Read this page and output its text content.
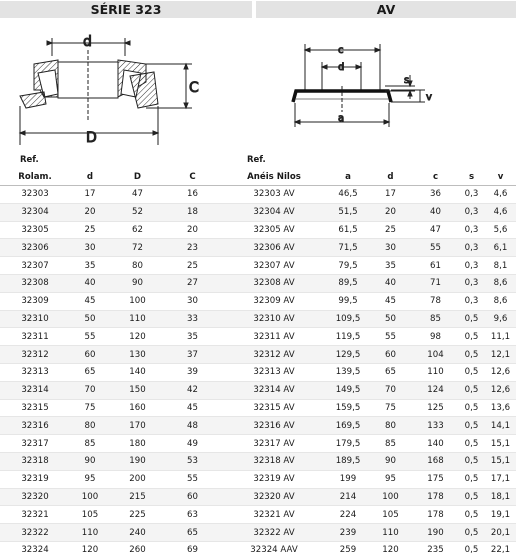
SÉRIE 323	AV
d
D
C
c
d
s
v
a
Ref.	Ref.
Rolam.	d	D	C	Anéis Nilos	a	d	c	s	v
32303	17	47	16	32303 AV	46,5	17	36	0,3	4,6
32304	20	52	18	32304 AV	51,5	20	40	0,3	4,6
32305	25	62	20	32305 AV	61,5	25	47	0,3	5,6
32306	30	72	23	32306 AV	71,5	30	55	0,3	6,1
32307	35	80	25	32307 AV	79,5	35	61	0,3	8,1
32308	40	90	27	32308 AV	89,5	40	71	0,3	8,6
32309	45	100	30	32309 AV	99,5	45	78	0,3	8,6
32310	50	110	33	32310 AV	109,5	50	85	0,5	9,6
32311	55	120	35	32311 AV	119,5	55	98	0,5	11,1
32312	60	130	37	32312 AV	129,5	60	104	0,5	12,1
32313	65	140	39	32313 AV	139,5	65	110	0,5	12,6
32314	70	150	42	32314 AV	149,5	70	124	0,5	12,6
32315	75	160	45	32315 AV	159,5	75	125	0,5	13,6
32316	80	170	48	32316 AV	169,5	80	133	0,5	14,1
32317	85	180	49	32317 AV	179,5	85	140	0,5	15,1
32318	90	190	53	32318 AV	189,5	90	168	0,5	15,1
32319	95	200	55	32319 AV	199	95	175	0,5	17,1
32320	100	215	60	32320 AV	214	100	178	0,5	18,1
32321	105	225	63	32321 AV	224	105	178	0,5	19,1
32322	110	240	65	32322 AV	239	110	190	0,5	20,1
32324	120	260	69	32324 AAV	259	120	235	0,5	22,1
